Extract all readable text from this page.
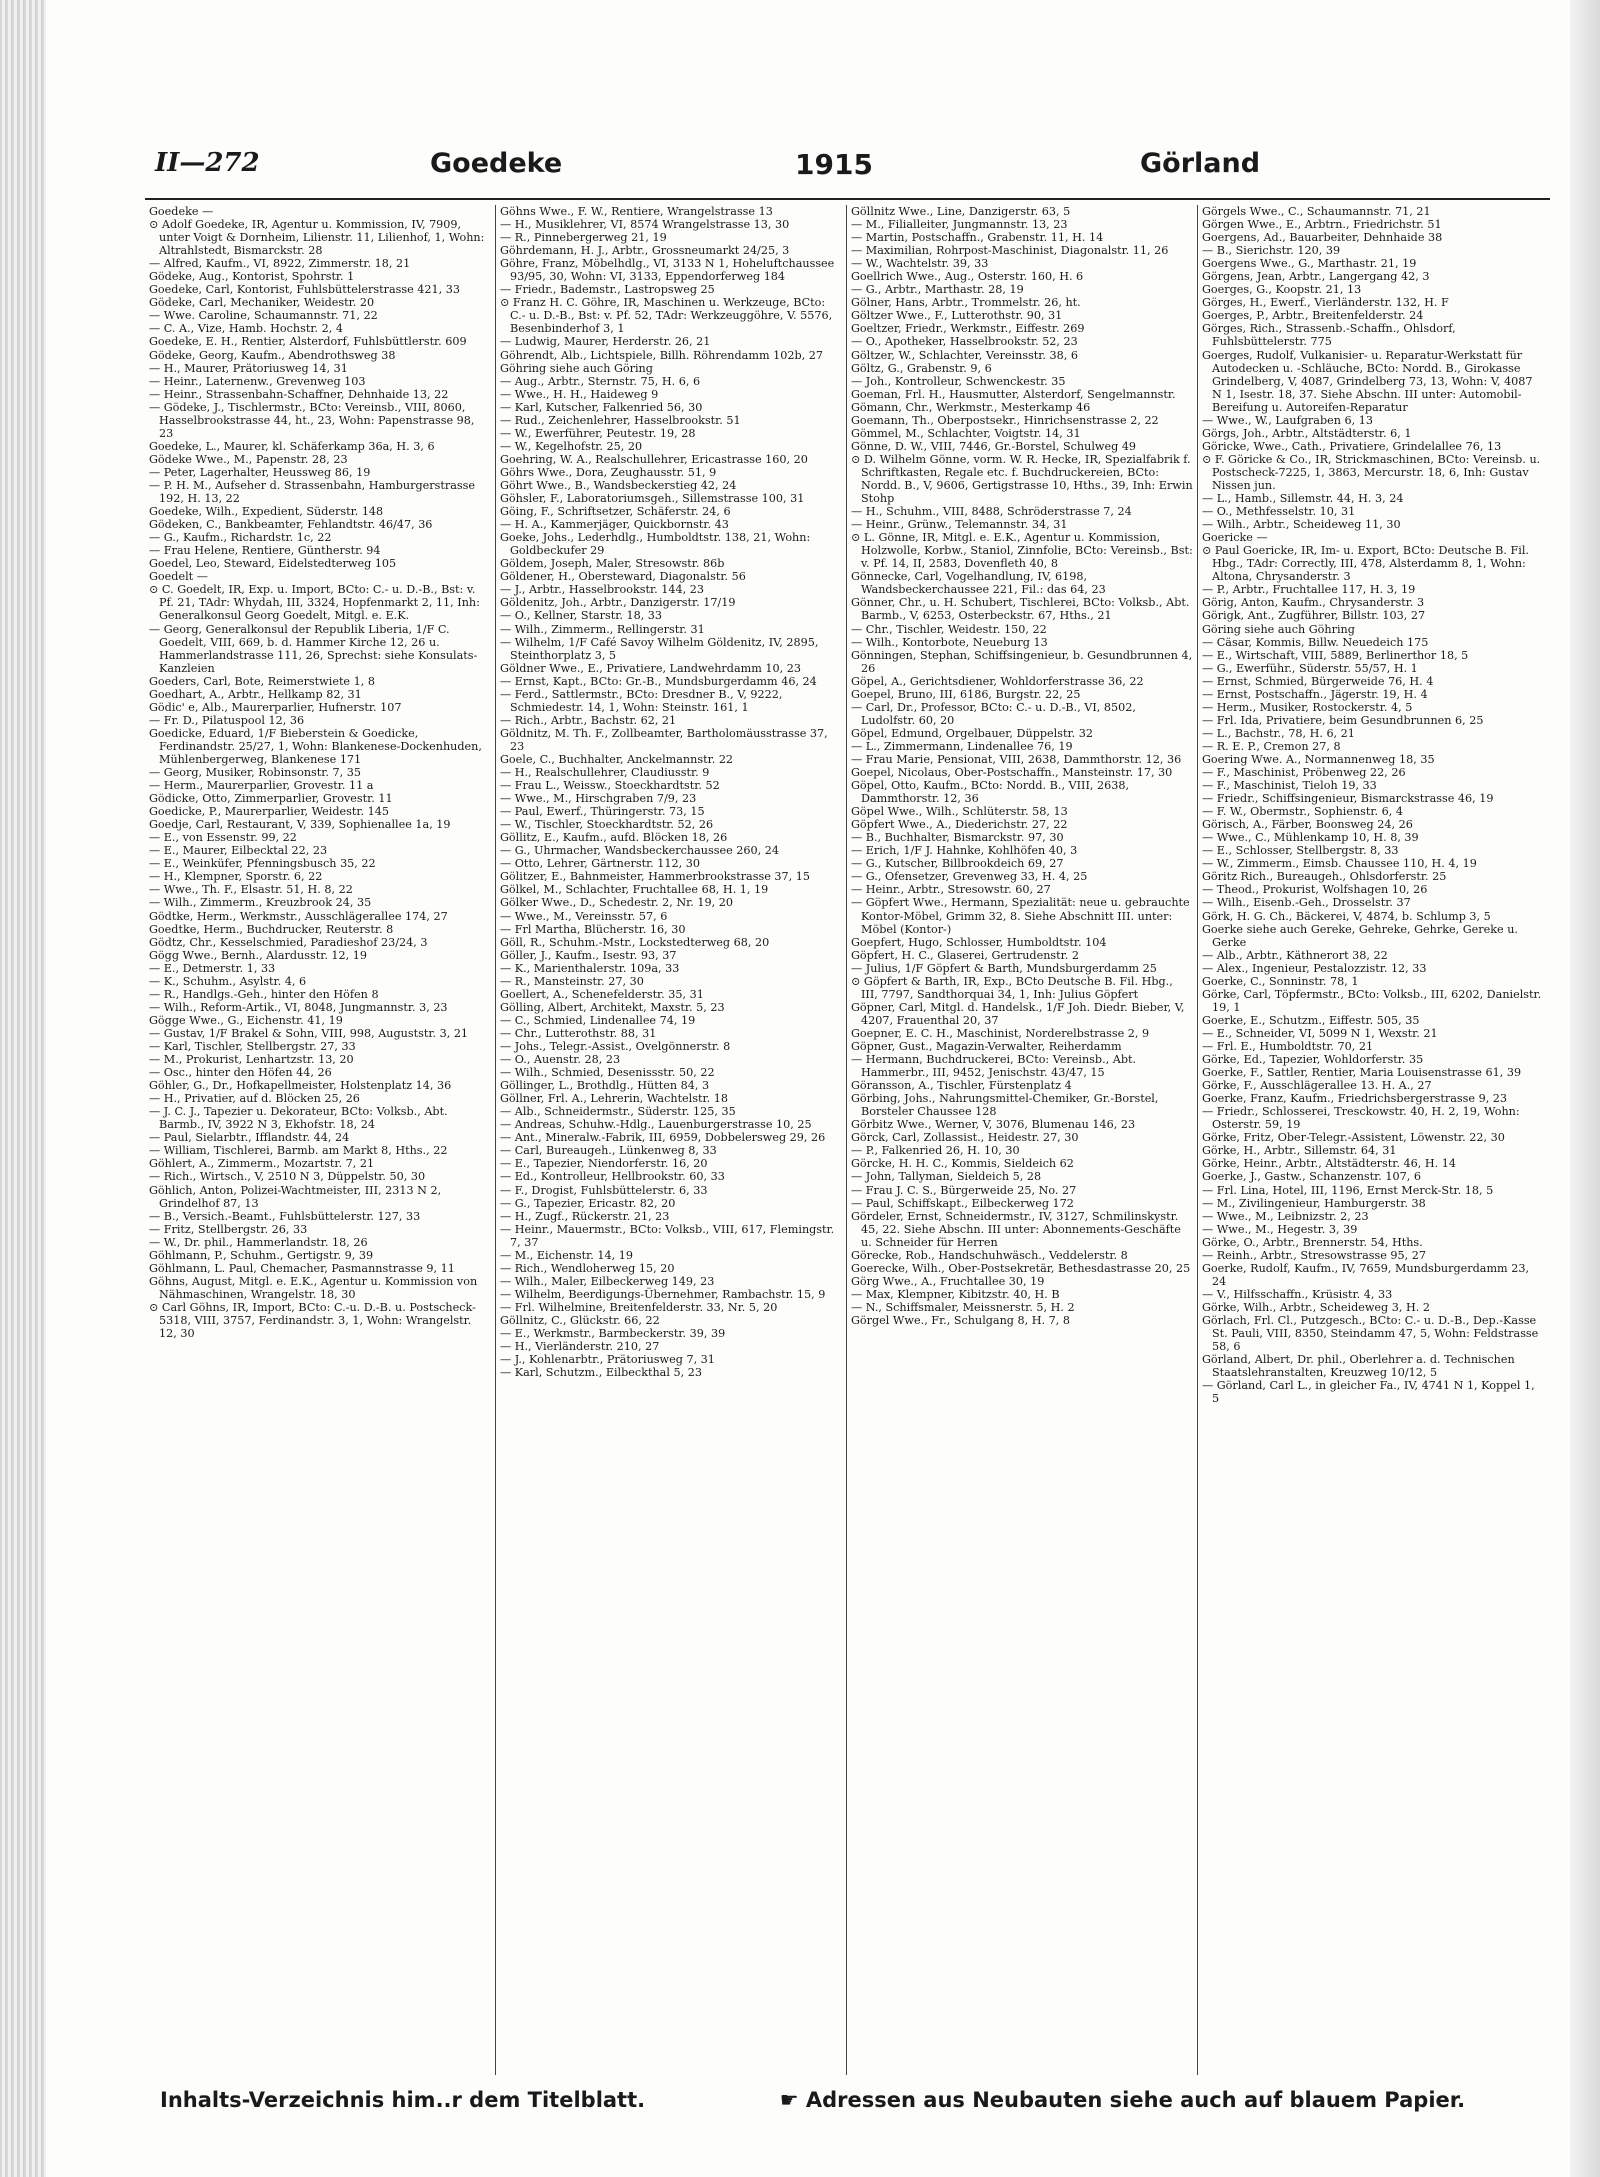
II—272	Goedeke	1915	Görland

Goedeke —

⊙ Adolf Goedeke, IR, Agentur u. Kommission, IV, 7909, unter Voigt & Dornheim, Lilienstr. 11, Lilienhof, 1, Wohn: Altrahlstedt, Bismarckstr. 28

— Alfred, Kaufm., VI, 8922, Zimmerstr. 18, 21

Gödeke, Aug., Kontorist, Spohrstr. 1

Goedeke, Carl, Kontorist, Fuhlsbüttelerstrasse 421, 33

Gödeke, Carl, Mechaniker, Weidestr. 20

— Wwe. Caroline, Schaumannstr. 71, 22

— C. A., Vize, Hamb. Hochstr. 2, 4

Goedeke, E. H., Rentier, Alsterdorf, Fuhlsbüttlerstr. 609

Gödeke, Georg, Kaufm., Abendrothsweg 38

— H., Maurer, Prätoriusweg 14, 31

— Heinr., Laternenw., Grevenweg 103

— Heinr., Strassenbahn-Schaffner, Dehnhaide 13, 22

— Gödeke, J., Tischlermstr., BCto: Vereinsb., VIII, 8060, Hasselbrookstrasse 44, ht., 23, Wohn: Papenstrasse 98, 23

Goedeke, L., Maurer, kl. Schäferkamp 36a, H. 3, 6

Gödeke Wwe., M., Papenstr. 28, 23

— Peter, Lagerhalter, Heussweg 86, 19

— P. H. M., Aufseher d. Strassenbahn, Hamburgerstrasse 192, H. 13, 22

Goedeke, Wilh., Expedient, Süderstr. 148

Gödeken, C., Bankbeamter, Fehlandtstr. 46/47, 36

— G., Kaufm., Richardstr. 1c, 22

— Frau Helene, Rentiere, Güntherstr. 94

Goedel, Leo, Steward, Eidelstedterweg 105

Goedelt —

⊙ C. Goedelt, IR, Exp. u. Import, BCto: C.- u. D.-B., Bst: v. Pf. 21, TAdr: Whydah, III, 3324, Hopfenmarkt 2, 11, Inh: Generalkonsul Georg Goedelt, Mitgl. e. E.K.

— Georg, Generalkonsul der Republik Liberia, 1/F C. Goedelt, VIII, 669, b. d. Hammer Kirche 12, 26 u. Hammerlandstrasse 111, 26, Sprechst: siehe Konsulats-Kanzleien

Goeders, Carl, Bote, Reimerstwiete 1, 8

Goedhart, A., Arbtr., Hellkamp 82, 31

Gödic' e, Alb., Maurerparlier, Hufnerstr. 107

— Fr. D., Pilatuspool 12, 36

Goedicke, Eduard, 1/F Bieberstein & Goedicke, Ferdinandstr. 25/27, 1, Wohn: Blankenese-Dockenhuden, Mühlenbergerweg, Blankenese 171

— Georg, Musiker, Robinsonstr. 7, 35

— Herm., Maurerparlier, Grovestr. 11 a

Gödicke, Otto, Zimmerparlier, Grovestr. 11

Goedicke, P., Maurerparlier, Weidestr. 145

Goedje, Carl, Restaurant, V, 339, Sophienallee 1a, 19

— E., von Essenstr. 99, 22

— E., Maurer, Eilbecktal 22, 23

— E., Weinküfer, Pfenningsbusch 35, 22

— H., Klempner, Sporstr. 6, 22

— Wwe., Th. F., Elsastr. 51, H. 8, 22

— Wilh., Zimmerm., Kreuzbrook 24, 35

Gödtke, Herm., Werkmstr., Ausschlägerallee 174, 27

Goedtke, Herm., Buchdrucker, Reuterstr. 8

Gödtz, Chr., Kesselschmied, Paradieshof 23/24, 3

Gögg Wwe., Bernh., Alardusstr. 12, 19

— E., Detmerstr. 1, 33

— K., Schuhm., Asylstr. 4, 6

— R., Handlgs.-Geh., hinter den Höfen 8

— Wilh., Reform-Artik., VI, 8048, Jungmannstr. 3, 23

Gögge Wwe., G., Eichenstr. 41, 19

— Gustav, 1/F Brakel & Sohn, VIII, 998, Auguststr. 3, 21

— Karl, Tischler, Stellbergstr. 27, 33

— M., Prokurist, Lenhartzstr. 13, 20

— Osc., hinter den Höfen 44, 26

Göhler, G., Dr., Hofkapellmeister, Holstenplatz 14, 36

— H., Privatier, auf d. Blöcken 25, 26

— J. C. J., Tapezier u. Dekorateur, BCto: Volksb., Abt. Barmb., IV, 3922 N 3, Ekhofstr. 18, 24

— Paul, Sielarbtr., Ifflandstr. 44, 24

— William, Tischlerei, Barmb. am Markt 8, Hths., 22

Göhlert, A., Zimmerm., Mozartstr. 7, 21

— Rich., Wirtsch., V, 2510 N 3, Düppelstr. 50, 30

Göhlich, Anton, Polizei-Wachtmeister, III, 2313 N 2, Grindelhof 87, 13

— B., Versich.-Beamt., Fuhlsbüttelerstr. 127, 33

— Fritz, Stellbergstr. 26, 33

— W., Dr. phil., Hammerlandstr. 18, 26

Göhlmann, P., Schuhm., Gertigstr. 9, 39

Göhlmann, L. Paul, Chemacher, Pasmannstrasse 9, 11

Göhns, August, Mitgl. e. E.K., Agentur u. Kommission von Nähmaschinen, Wrangelstr. 18, 30

⊙ Carl Göhns, IR, Import, BCto: C.-u. D.-B. u. Postscheck-5318, VIII, 3757, Ferdinandstr. 3, 1, Wohn: Wrangelstr. 12, 30

Göhns Wwe., F. W., Rentiere, Wrangelstrasse 13

— H., Musiklehrer, VI, 8574 Wrangelstrasse 13, 30

— R., Pinnebergerweg 21, 19

Göhrdemann, H. J., Arbtr., Grossneumarkt 24/25, 3

Göhre, Franz, Möbelhdlg., VI, 3133 N 1, Hoheluftchaussee 93/95, 30, Wohn: VI, 3133, Eppendorferweg 184

— Friedr., Bademstr., Lastropsweg 25

⊙ Franz H. C. Göhre, IR, Maschinen u. Werkzeuge, BCto: C.- u. D.-B., Bst: v. Pf. 52, TAdr: Werkzeuggöhre, V. 5576, Besenbinderhof 3, 1

— Ludwig, Maurer, Herderstr. 26, 21

Göhrendt, Alb., Lichtspiele, Billh. Röhrendamm 102b, 27

Göhring siehe auch Göring

— Aug., Arbtr., Sternstr. 75, H. 6, 6

— Wwe., H. H., Haideweg 9

— Karl, Kutscher, Falkenried 56, 30

— Rud., Zeichenlehrer, Hasselbrookstr. 51

— W., Ewerführer, Peutestr. 19, 28

— W., Kegelhofstr. 25, 20

Goehring, W. A., Realschullehrer, Ericastrasse 160, 20

Göhrs Wwe., Dora, Zeughausstr. 51, 9

Göhrt Wwe., B., Wandsbeckerstieg 42, 24

Göhsler, F., Laboratoriumsgeh., Sillemstrasse 100, 31

Göing, F., Schriftsetzer, Schäferstr. 24, 6

— H. A., Kammerjäger, Quickbornstr. 43

Goeke, Johs., Lederhdlg., Humboldtstr. 138, 21, Wohn: Goldbeckufer 29

Göldem, Joseph, Maler, Stresowstr. 86b

Göldener, H., Obersteward, Diagonalstr. 56

— J., Arbtr., Hasselbrookstr. 144, 23

Göldenitz, Joh., Arbtr., Danzigerstr. 17/19

— O., Kellner, Starstr. 18, 33

— Wilh., Zimmerm., Rellingerstr. 31

— Wilhelm, 1/F Café Savoy Wilhelm Göldenitz, IV, 2895, Steinthorplatz 3, 5

Göldner Wwe., E., Privatiere, Landwehrdamm 10, 23

— Ernst, Kapt., BCto: Gr.-B., Mundsburgerdamm 46, 24

— Ferd., Sattlermstr., BCto: Dresdner B., V, 9222, Schmiedestr. 14, 1, Wohn: Steinstr. 161, 1

— Rich., Arbtr., Bachstr. 62, 21

Göldnitz, M. Th. F., Zollbeamter, Bartholomäusstrasse 37, 23

Goele, C., Buchhalter, Anckelmannstr. 22

— H., Realschullehrer, Claudiusstr. 9

— Frau L., Weissw., Stoeckhardtstr. 52

— Wwe., M., Hirschgraben 7/9, 23

— Paul, Ewerf., Thüringerstr. 73, 15

— W., Tischler, Stoeckhardtstr. 52, 26

Göllitz, E., Kaufm., aufd. Blöcken 18, 26

— G., Uhrmacher, Wandsbeckerchaussee 260, 24

— Otto, Lehrer, Gärtnerstr. 112, 30

Gölitzer, E., Bahnmeister, Hammerbrookstrasse 37, 15

Gölkel, M., Schlachter, Fruchtallee 68, H. 1, 19

Gölker Wwe., D., Schedestr. 2, Nr. 19, 20

— Wwe., M., Vereinsstr. 57, 6

— Frl Martha, Blücherstr. 16, 30

Göll, R., Schuhm.-Mstr., Lockstedterweg 68, 20

Göller, J., Kaufm., Isestr. 93, 37

— K., Marienthalerstr. 109a, 33

— R., Mansteinstr. 27, 30

Goellert, A., Schenefelderstr. 35, 31

Gölling, Albert, Architekt, Maxstr. 5, 23

— C., Schmied, Lindenallee 74, 19

— Chr., Lutterothstr. 88, 31

— Johs., Telegr.-Assist., Ovelgönnerstr. 8

— O., Auenstr. 28, 23

— Wilh., Schmied, Desenissstr. 50, 22

Göllinger, L., Brothdlg., Hütten 84, 3

Göllner, Frl. A., Lehrerin, Wachtelstr. 18

— Alb., Schneidermstr., Süderstr. 125, 35

— Andreas, Schuhw.-Hdlg., Lauenburgerstrasse 10, 25

— Ant., Mineralw.-Fabrik, III, 6959, Dobbelersweg 29, 26

— Carl, Bureaugeh., Lünkenweg 8, 33

— E., Tapezier, Niendorferstr. 16, 20

— Ed., Kontrolleur, Hellbrookstr. 60, 33

— F., Drogist, Fuhlsbüttelerstr. 6, 33

— G., Tapezier, Ericastr. 82, 20

— H., Zugf., Rückerstr. 21, 23

— Heinr., Mauermstr., BCto: Volksb., VIII, 617, Flemingstr. 7, 37

— M., Eichenstr. 14, 19

— Rich., Wendloherweg 15, 20

— Wilh., Maler, Eilbeckerweg 149, 23

— Wilhelm, Beerdigungs-Übernehmer, Rambachstr. 15, 9

— Frl. Wilhelmine, Breitenfelderstr. 33, Nr. 5, 20

Göllnitz, C., Glückstr. 66, 22

— E., Werkmstr., Barmbeckerstr. 39, 39

— H., Vierländerstr. 210, 27

— J., Kohlenarbtr., Prätoriusweg 7, 31

— Karl, Schutzm., Eilbeckthal 5, 23

Göllnitz Wwe., Line, Danzigerstr. 63, 5

— M., Filialleiter, Jungmannstr. 13, 23

— Martin, Postschaffn., Grabenstr. 11, H. 14

— Maximilian, Rohrpost-Maschinist, Diagonalstr. 11, 26

— W., Wachtelstr. 39, 33

Goellrich Wwe., Aug., Osterstr. 160, H. 6

— G., Arbtr., Marthastr. 28, 19

Gölner, Hans, Arbtr., Trommelstr. 26, ht.

Göltzer Wwe., F., Lutterothstr. 90, 31

Goeltzer, Friedr., Werkmstr., Eiffestr. 269

— O., Apotheker, Hasselbrookstr. 52, 23

Göltzer, W., Schlachter, Vereinsstr. 38, 6

Göltz, G., Grabenstr. 9, 6

— Joh., Kontrolleur, Schwenckestr. 35

Goeman, Frl. H., Hausmutter, Alsterdorf, Sengelmannstr.

Gömann, Chr., Werkmstr., Mesterkamp 46

Goemann, Th., Oberpostsekr., Hinrichsenstrasse 2, 22

Gömmel, M., Schlachter, Voigtstr. 14, 31

Gönne, D. W., VIII, 7446, Gr.-Borstel, Schulweg 49

⊙ D. Wilhelm Gönne, vorm. W. R. Hecke, IR, Spezialfabrik f. Schriftkasten, Regale etc. f. Buchdruckereien, BCto: Nordd. B., V, 9606, Gertigstrasse 10, Hths., 39, Inh: Erwin Stohp

— H., Schuhm., VIII, 8488, Schröderstrasse 7, 24

— Heinr., Grünw., Telemannstr. 34, 31

⊙ L. Gönne, IR, Mitgl. e. E.K., Agentur u. Kommission, Holzwolle, Korbw., Staniol, Zinnfolie, BCto: Vereinsb., Bst: v. Pf. 14, II, 2583, Dovenfleth 40, 8

Gönnecke, Carl, Vogelhandlung, IV, 6198, Wandsbeckerchaussee 221, Fil.: das 64, 23

Gönner, Chr., u. H. Schubert, Tischlerei, BCto: Volksb., Abt. Barmb., V, 6253, Osterbeckstr. 67, Hths., 21

— Chr., Tischler, Weidestr. 150, 22

— Wilh., Kontorbote, Neueburg 13

Gönningen, Stephan, Schiffsingenieur, b. Gesundbrunnen 4, 26

Göpel, A., Gerichtsdiener, Wohldorferstrasse 36, 22

Goepel, Bruno, III, 6186, Burgstr. 22, 25

— Carl, Dr., Professor, BCto: C.- u. D.-B., VI, 8502, Ludolfstr. 60, 20

Göpel, Edmund, Orgelbauer, Düppelstr. 32

— L., Zimmermann, Lindenallee 76, 19

— Frau Marie, Pensionat, VIII, 2638, Dammthorstr. 12, 36

Goepel, Nicolaus, Ober-Postschaffn., Mansteinstr. 17, 30

Göpel, Otto, Kaufm., BCto: Nordd. B., VIII, 2638, Dammthorstr. 12, 36

Göpel Wwe., Wilh., Schlüterstr. 58, 13

Göpfert Wwe., A., Diederichstr. 27, 22

— B., Buchhalter, Bismarckstr. 97, 30

— Erich, 1/F J. Hahnke, Kohlhöfen 40, 3

— G., Kutscher, Billbrookdeich 69, 27

— G., Ofensetzer, Grevenweg 33, H. 4, 25

— Heinr., Arbtr., Stresowstr. 60, 27

— Göpfert Wwe., Hermann, Spezialität: neue u. gebrauchte Kontor-Möbel, Grimm 32, 8. Siehe Abschnitt III. unter: Möbel (Kontor-)

Goepfert, Hugo, Schlosser, Humboldtstr. 104

Göpfert, H. C., Glaserei, Gertrudenstr. 2

— Julius, 1/F Göpfert & Barth, Mundsburgerdamm 25

⊙ Göpfert & Barth, IR, Exp., BCto Deutsche B. Fil. Hbg., III, 7797, Sandthorquai 34, 1, Inh: Julius Göpfert

Göpner, Carl, Mitgl. d. Handelsk., 1/F Joh. Diedr. Bieber, V, 4207, Frauenthal 20, 37

Goepner, E. C. H., Maschinist, Norderelbstrasse 2, 9

Göpner, Gust., Magazin-Verwalter, Reiherdamm

— Hermann, Buchdruckerei, BCto: Vereinsb., Abt. Hammerbr., III, 9452, Jenischstr. 43/47, 15

Göransson, A., Tischler, Fürstenplatz 4

Görbing, Johs., Nahrungsmittel-Chemiker, Gr.-Borstel, Borsteler Chaussee 128

Görbitz Wwe., Werner, V, 3076, Blumenau 146, 23

Görck, Carl, Zollassist., Heidestr. 27, 30

— P., Falkenried 26, H. 10, 30

Görcke, H. H. C., Kommis, Sieldeich 62

— John, Tallyman, Sieldeich 5, 28

— Frau J. C. S., Bürgerweide 25, No. 27

— Paul, Schiffskapt., Eilbeckerweg 172

Gördeler, Ernst, Schneidermstr., IV, 3127, Schmilinskystr. 45, 22. Siehe Abschn. III unter: Abonnements-Geschäfte u. Schneider für Herren

Görecke, Rob., Handschuhwäsch., Veddelerstr. 8

Goerecke, Wilh., Ober-Postsekretär, Bethesdastrasse 20, 25

Görg Wwe., A., Fruchtallee 30, 19

— Max, Klempner, Kibitzstr. 40, H. B

— N., Schiffsmaler, Meissnerstr. 5, H. 2

Görgel Wwe., Fr., Schulgang 8, H. 7, 8

Görgels Wwe., C., Schaumannstr. 71, 21

Görgen Wwe., E., Arbtrn., Friedrichstr. 51

Goergens, Ad., Bauarbeiter, Dehnhaide 38

— B., Sierichstr. 120, 39

Goergens Wwe., G., Marthastr. 21, 19

Görgens, Jean, Arbtr., Langergang 42, 3

Goerges, G., Koopstr. 21, 13

Görges, H., Ewerf., Vierländerstr. 132, H. F

Goerges, P., Arbtr., Breitenfelderstr. 24

Görges, Rich., Strassenb.-Schaffn., Ohlsdorf, Fuhlsbüttelerstr. 775

Goerges, Rudolf, Vulkanisier- u. Reparatur-Werkstatt für Autodecken u. -Schläuche, BCto: Nordd. B., Girokasse Grindelberg, V, 4087, Grindelberg 73, 13, Wohn: V, 4087 N 1, Isestr. 18, 37. Siehe Abschn. III unter: Automobil-Bereifung u. Autoreifen-Reparatur

— Wwe., W., Laufgraben 6, 13

Görgs, Joh., Arbtr., Altstädterstr. 6, 1

Göricke, Wwe., Cath., Privatiere, Grindelallee 76, 13

⊙ F. Göricke & Co., IR, Strickmaschinen, BCto: Vereinsb. u. Postscheck-7225, 1, 3863, Mercurstr. 18, 6, Inh: Gustav Nissen jun.

— L., Hamb., Sillemstr. 44, H. 3, 24

— O., Methfesselstr. 10, 31

— Wilh., Arbtr., Scheideweg 11, 30

Goericke —

⊙ Paul Goericke, IR, Im- u. Export, BCto: Deutsche B. Fil. Hbg., TAdr: Correctly, III, 478, Alsterdamm 8, 1, Wohn: Altona, Chrysanderstr. 3

— P., Arbtr., Fruchtallee 117, H. 3, 19

Görig, Anton, Kaufm., Chrysanderstr. 3

Görigk, Ant., Zugführer, Billstr. 103, 27

Göring siehe auch Göhring

— Cäsar, Kommis, Billw. Neuedeich 175

— E., Wirtschaft, VIII, 5889, Berlinerthor 18, 5

— G., Ewerführ., Süderstr. 55/57, H. 1

— Ernst, Schmied, Bürgerweide 76, H. 4

— Ernst, Postschaffn., Jägerstr. 19, H. 4

— Herm., Musiker, Rostockerstr. 4, 5

— Frl. Ida, Privatiere, beim Gesundbrunnen 6, 25

— L., Bachstr., 78, H. 6, 21

— R. E. P., Cremon 27, 8

Goering Wwe. A., Normannenweg 18, 35

— F., Maschinist, Pröbenweg 22, 26

— F., Maschinist, Tieloh 19, 33

— Friedr., Schiffsingenieur, Bismarckstrasse 46, 19

— F. W., Obermstr., Sophienstr. 6, 4

Görisch, A., Färber, Boonsweg 24, 26

— Wwe., C., Mühlenkamp 10, H. 8, 39

— E., Schlosser, Stellbergstr. 8, 33

— W., Zimmerm., Eimsb. Chaussee 110, H. 4, 19

Göritz Rich., Bureaugeh., Ohlsdorferstr. 25

— Theod., Prokurist, Wolfshagen 10, 26

— Wilh., Eisenb.-Geh., Drosselstr. 37

Görk, H. G. Ch., Bäckerei, V, 4874, b. Schlump 3, 5

Goerke siehe auch Gereke, Gehreke, Gehrke, Gereke u. Gerke

— Alb., Arbtr., Käthnerort 38, 22

— Alex., Ingenieur, Pestalozzistr. 12, 33

Goerke, C., Sonninstr. 78, 1

Görke, Carl, Töpfermstr., BCto: Volksb., III, 6202, Danielstr. 19, 1

Goerke, E., Schutzm., Eiffestr. 505, 35

— E., Schneider, VI, 5099 N 1, Wexstr. 21

— Frl. E., Humboldtstr. 70, 21

Görke, Ed., Tapezier, Wohldorferstr. 35

Goerke, F., Sattler, Rentier, Maria Louisenstrasse 61, 39

Görke, F., Ausschlägerallee 13. H. A., 27

Goerke, Franz, Kaufm., Friedrichsbergerstrasse 9, 23

— Friedr., Schlosserei, Tresckowstr. 40, H. 2, 19, Wohn: Osterstr. 59, 19

Görke, Fritz, Ober-Telegr.-Assistent, Löwenstr. 22, 30

Görke, H., Arbtr., Sillemstr. 64, 31

Görke, Heinr., Arbtr., Altstädterstr. 46, H. 14

Goerke, J., Gastw., Schanzenstr. 107, 6

— Frl. Lina, Hotel, III, 1196, Ernst Merck-Str. 18, 5

— M., Zivilingenieur, Hamburgerstr. 38

— Wwe., M., Leibnizstr. 2, 23

— Wwe., M., Hegestr. 3, 39

Görke, O., Arbtr., Brennerstr. 54, Hths.

— Reinh., Arbtr., Stresowstrasse 95, 27

Goerke, Rudolf, Kaufm., IV, 7659, Mundsburgerdamm 23, 24

— V., Hilfsschaffn., Krüsistr. 4, 33

Görke, Wilh., Arbtr., Scheideweg 3, H. 2

Görlach, Frl. Cl., Putzgesch., BCto: C.- u. D.-B., Dep.-Kasse St. Pauli, VIII, 8350, Steindamm 47, 5, Wohn: Feldstrasse 58, 6

Görland, Albert, Dr. phil., Oberlehrer a. d. Technischen Staatslehranstalten, Kreuzweg 10/12, 5

— Görland, Carl L., in gleicher Fa., IV, 4741 N 1, Koppel 1, 5

Inhalts-Verzeichnis him..r dem Titelblatt.	☛ Adressen aus Neubauten siehe auch auf blauem Papier.
